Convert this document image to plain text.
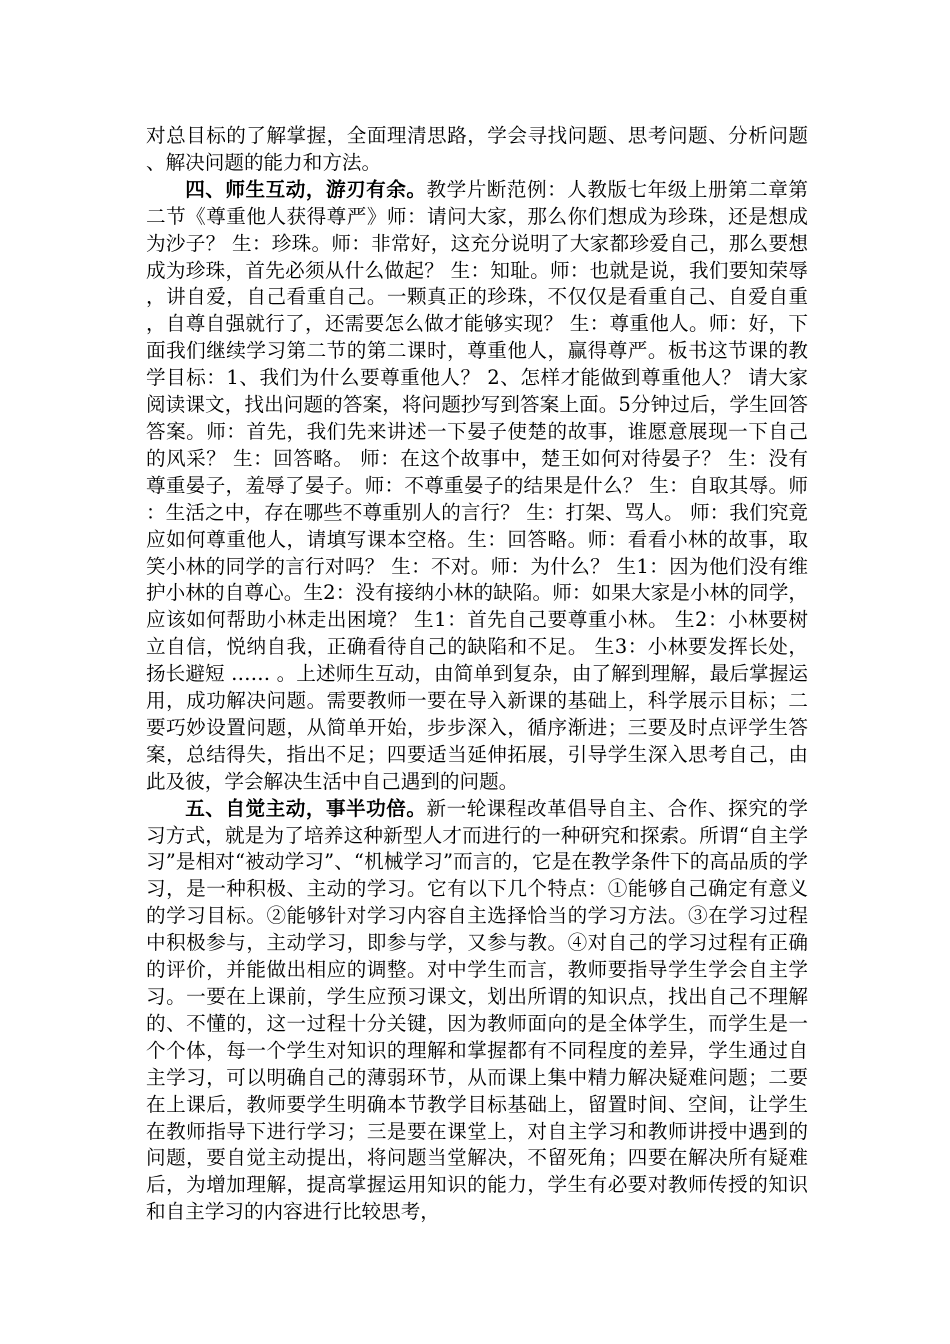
对总目标的了解掌握，全面理清思路，学会寻找问题、思考问题、分析问题、解决问题的能力和方法。

四、师生互动，游刃有余。教学片断范例：人教版七年级上册第二章第二节《尊重他人获得尊严》师：请问大家，那么你们想成为珍珠，还是想成为沙子？ 生：珍珠。师：非常好，这充分说明了大家都珍爱自己，那么要想成为珍珠，首先必须从什么做起？ 生：知耻。师：也就是说，我们要知荣辱，讲自爱，自己看重自己。一颗真正的珍珠，不仅仅是看重自己、自爱自重，自尊自强就行了，还需要怎么做才能够实现？ 生：尊重他人。师：好，下面我们继续学习第二节的第二课时，尊重他人，赢得尊严。板书这节课的教学目标：1、我们为什么要尊重他人？ 2、怎样才能做到尊重他人？ 请大家阅读课文，找出问题的答案，将问题抄写到答案上面。5分钟过后，学生回答答案。师：首先，我们先来讲述一下晏子使楚的故事，谁愿意展现一下自己的风采？ 生：回答略。 师：在这个故事中，楚王如何对待晏子？ 生：没有尊重晏子，羞辱了晏子。师：不尊重晏子的结果是什么？ 生：自取其辱。师：生活之中，存在哪些不尊重别人的言行？ 生：打架、骂人。 师：我们究竟应如何尊重他人，请填写课本空格。生：回答略。师：看看小林的故事，取笑小林的同学的言行对吗？ 生：不对。师：为什么？ 生1：因为他们没有维护小林的自尊心。生2：没有接纳小林的缺陷。师：如果大家是小林的同学，应该如何帮助小林走出困境？ 生1：首先自己要尊重小林。 生2：小林要树立自信，悦纳自我，正确看待自己的缺陷和不足。 生3：小林要发挥长处，扬长避短 …… 。上述师生互动，由简单到复杂，由了解到理解，最后掌握运用，成功解决问题。需要教师一要在导入新课的基础上，科学展示目标；二要巧妙设置问题，从简单开始，步步深入，循序渐进；三要及时点评学生答案，总结得失，指出不足；四要适当延伸拓展，引导学生深入思考自己，由此及彼，学会解决生活中自己遇到的问题。

五、自觉主动，事半功倍。新一轮课程改革倡导自主、合作、探究的学习方式，就是为了培养这种新型人才而进行的一种研究和探索。所谓“自主学习”是相对“被动学习”、“机械学习”而言的，它是在教学条件下的高品质的学习，是一种积极、主动的学习。它有以下几个特点：①能够自己确定有意义的学习目标。②能够针对学习内容自主选择恰当的学习方法。③在学习过程中积极参与，主动学习，即参与学，又参与教。④对自己的学习过程有正确的评价，并能做出相应的调整。对中学生而言，教师要指导学生学会自主学习。一要在上课前，学生应预习课文，划出所谓的知识点，找出自己不理解的、不懂的，这一过程十分关键，因为教师面向的是全体学生，而学生是一个个体，每一个学生对知识的理解和掌握都有不同程度的差异，学生通过自主学习，可以明确自己的薄弱环节，从而课上集中精力解决疑难问题；二要在上课后，教师要学生明确本节教学目标基础上，留置时间、空间，让学生在教师指导下进行学习；三是要在课堂上，对自主学习和教师讲授中遇到的问题，要自觉主动提出，将问题当堂解决，不留死角；四要在解决所有疑难后，为增加理解，提高掌握运用知识的能力，学生有必要对教师传授的知识和自主学习的内容进行比较思考，
